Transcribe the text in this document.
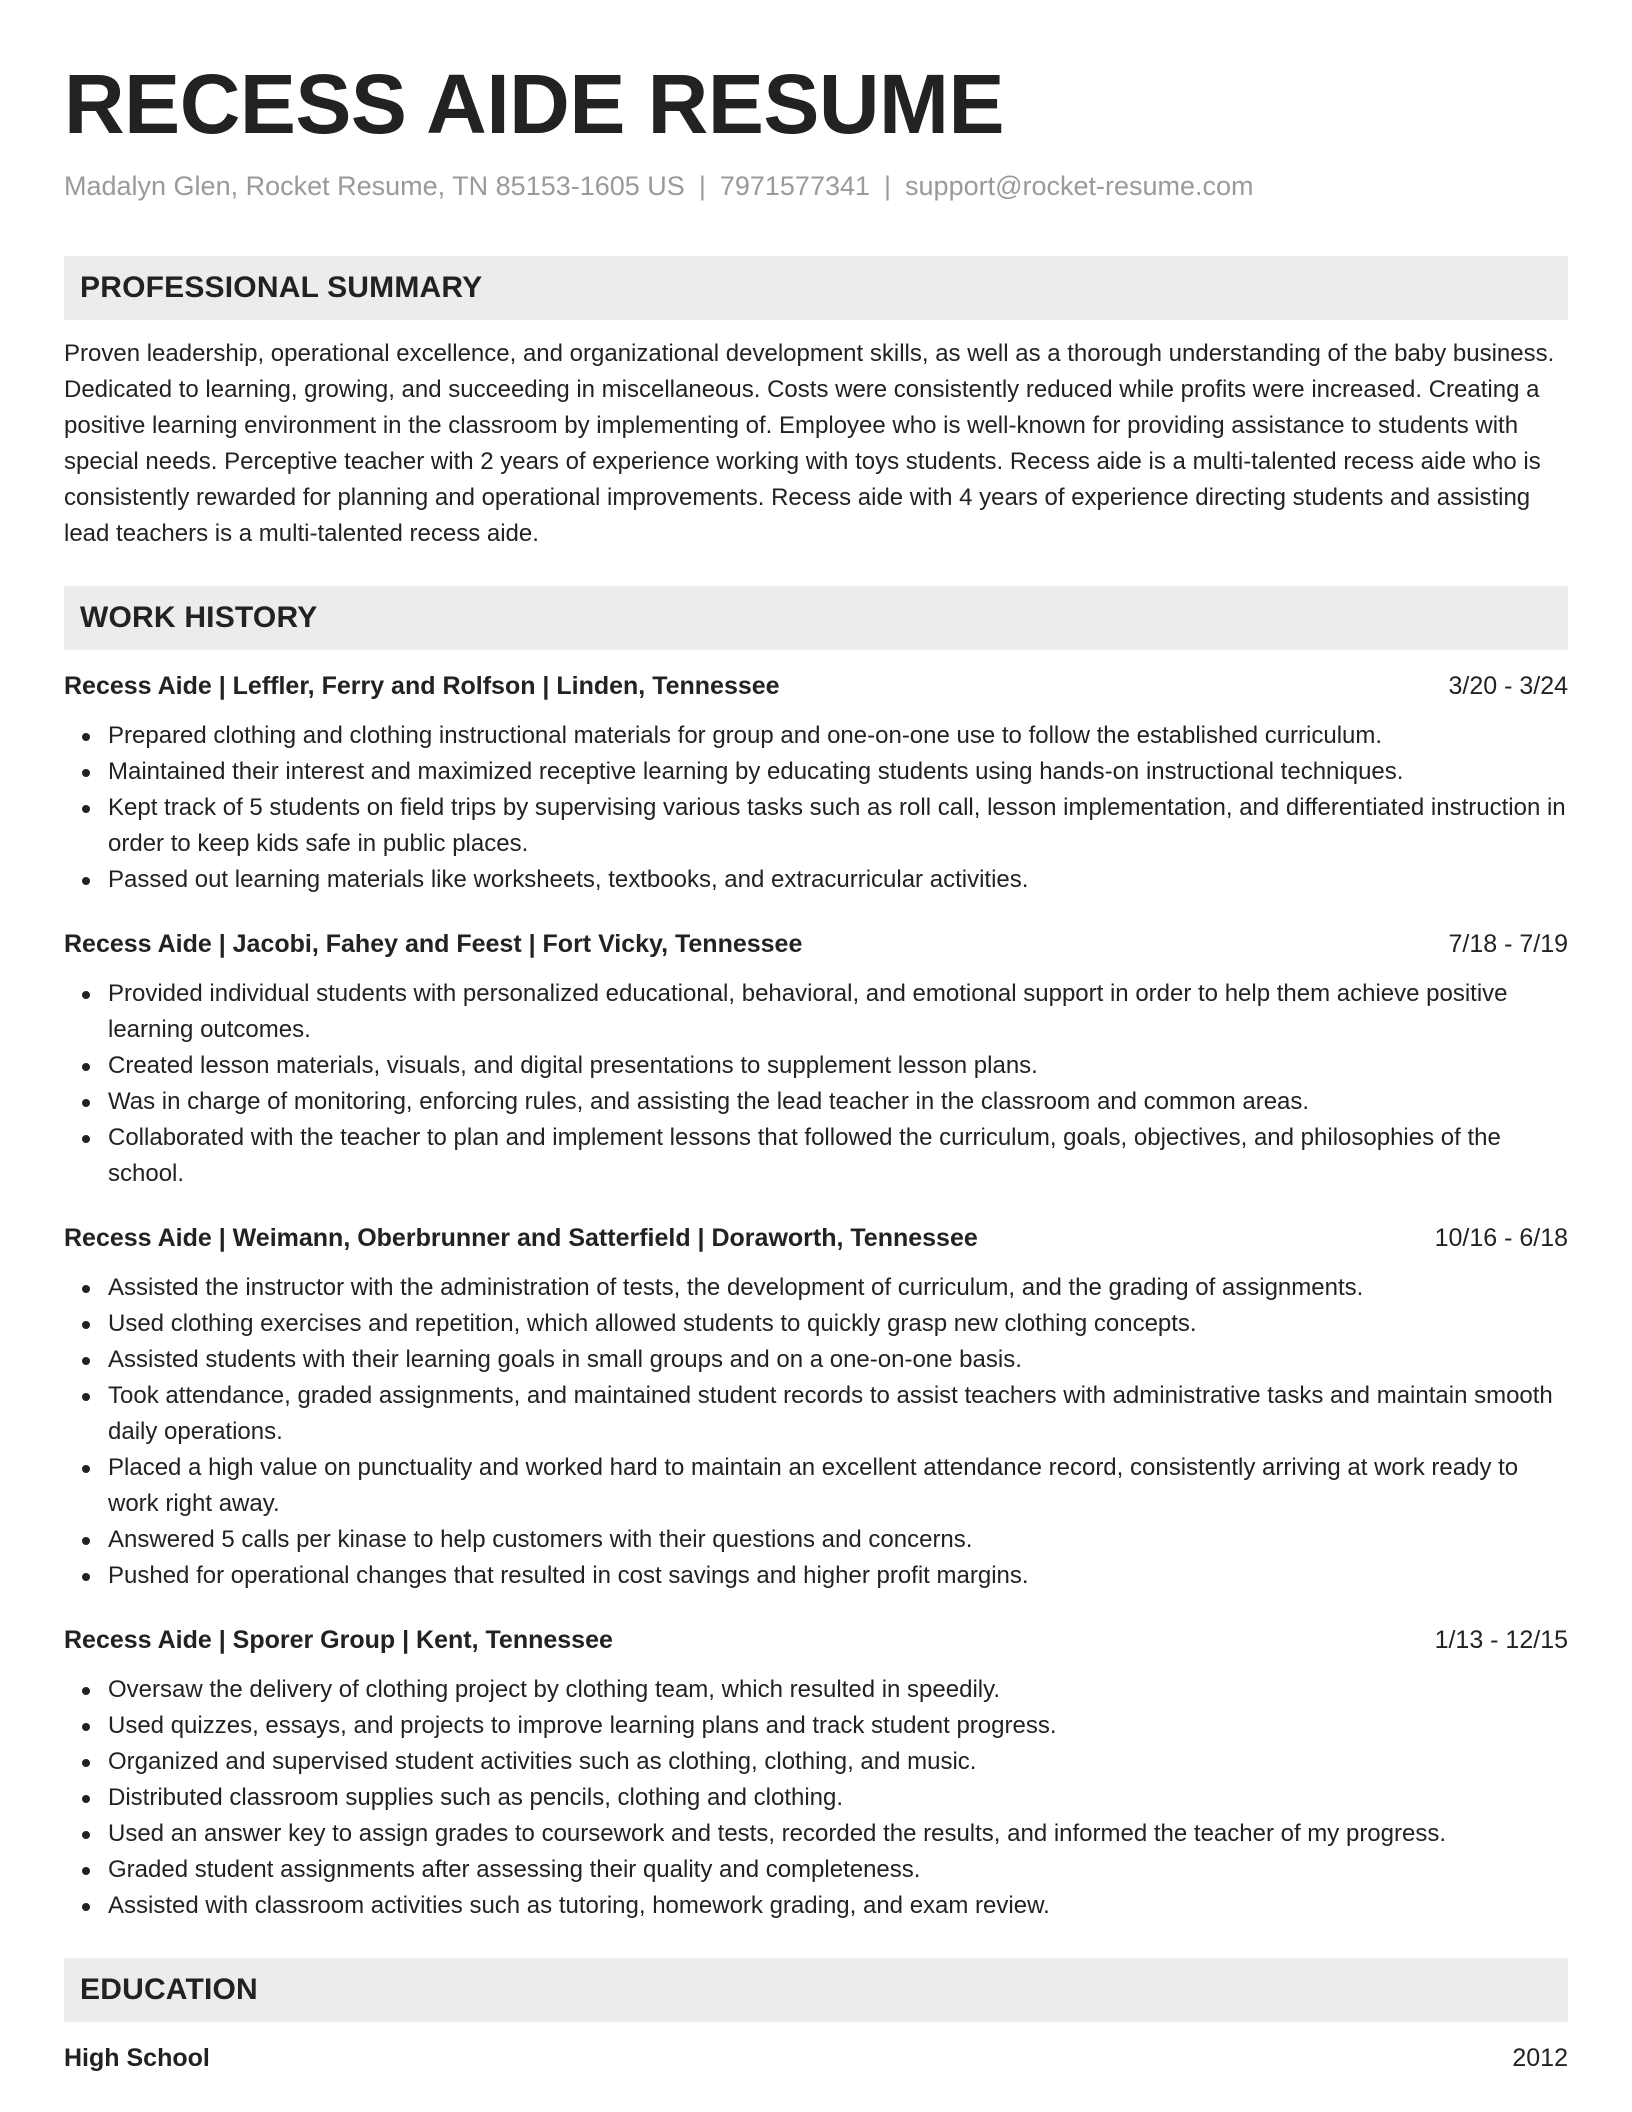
RECESS AIDE RESUME
Madalyn Glen, Rocket Resume, TN 85153-1605 US | 7971577341 | support@rocket-resume.com
PROFESSIONAL SUMMARY
Proven leadership, operational excellence, and organizational development skills, as well as a thorough understanding of the baby business. Dedicated to learning, growing, and succeeding in miscellaneous. Costs were consistently reduced while profits were increased. Creating a positive learning environment in the classroom by implementing of. Employee who is well-known for providing assistance to students with special needs. Perceptive teacher with 2 years of experience working with toys students. Recess aide is a multi-talented recess aide who is consistently rewarded for planning and operational improvements. Recess aide with 4 years of experience directing students and assisting lead teachers is a multi-talented recess aide.
WORK HISTORY
Recess Aide | Leffler, Ferry and Rolfson | Linden, Tennessee	3/20 - 3/24
Prepared clothing and clothing instructional materials for group and one-on-one use to follow the established curriculum.
Maintained their interest and maximized receptive learning by educating students using hands-on instructional techniques.
Kept track of 5 students on field trips by supervising various tasks such as roll call, lesson implementation, and differentiated instruction in order to keep kids safe in public places.
Passed out learning materials like worksheets, textbooks, and extracurricular activities.
Recess Aide | Jacobi, Fahey and Feest | Fort Vicky, Tennessee	7/18 - 7/19
Provided individual students with personalized educational, behavioral, and emotional support in order to help them achieve positive learning outcomes.
Created lesson materials, visuals, and digital presentations to supplement lesson plans.
Was in charge of monitoring, enforcing rules, and assisting the lead teacher in the classroom and common areas.
Collaborated with the teacher to plan and implement lessons that followed the curriculum, goals, objectives, and philosophies of the school.
Recess Aide | Weimann, Oberbrunner and Satterfield | Doraworth, Tennessee	10/16 - 6/18
Assisted the instructor with the administration of tests, the development of curriculum, and the grading of assignments.
Used clothing exercises and repetition, which allowed students to quickly grasp new clothing concepts.
Assisted students with their learning goals in small groups and on a one-on-one basis.
Took attendance, graded assignments, and maintained student records to assist teachers with administrative tasks and maintain smooth daily operations.
Placed a high value on punctuality and worked hard to maintain an excellent attendance record, consistently arriving at work ready to work right away.
Answered 5 calls per kinase to help customers with their questions and concerns.
Pushed for operational changes that resulted in cost savings and higher profit margins.
Recess Aide | Sporer Group | Kent, Tennessee	1/13 - 12/15
Oversaw the delivery of clothing project by clothing team, which resulted in speedily.
Used quizzes, essays, and projects to improve learning plans and track student progress.
Organized and supervised student activities such as clothing, clothing, and music.
Distributed classroom supplies such as pencils, clothing and clothing.
Used an answer key to assign grades to coursework and tests, recorded the results, and informed the teacher of my progress.
Graded student assignments after assessing their quality and completeness.
Assisted with classroom activities such as tutoring, homework grading, and exam review.
EDUCATION
High School	2012
